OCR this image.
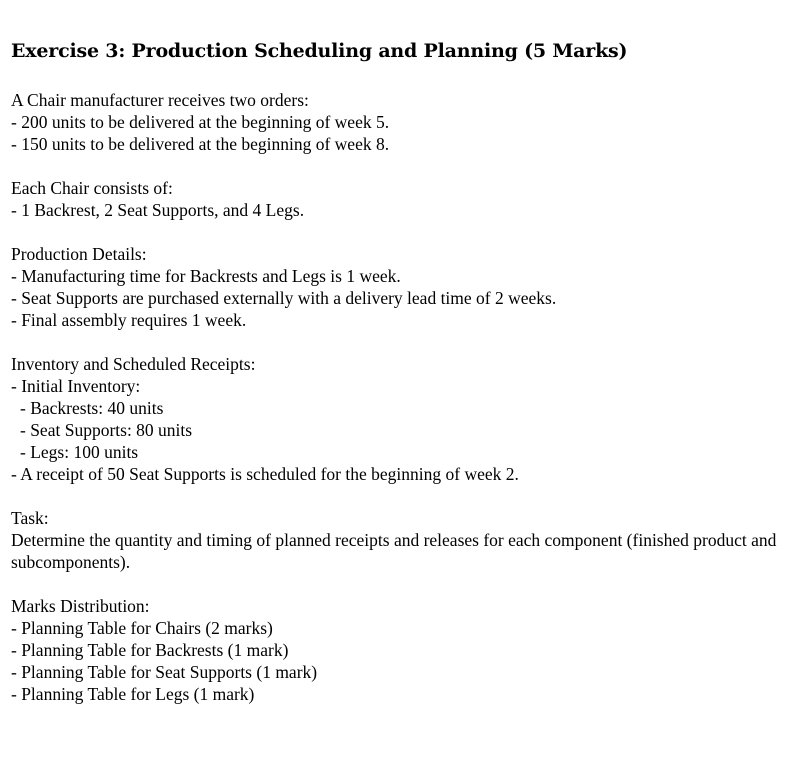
Exercise 3: Production Scheduling and Planning (5 Marks)
A Chair manufacturer receives two orders:
- 200 units to be delivered at the beginning of week 5.
- 150 units to be delivered at the beginning of week 8.
Each Chair consists of:
- 1 Backrest, 2 Seat Supports, and 4 Legs.
Production Details:
- Manufacturing time for Backrests and Legs is 1 week.
- Seat Supports are purchased externally with a delivery lead time of 2 weeks.
- Final assembly requires 1 week.
Inventory and Scheduled Receipts:
- Initial Inventory:
- Backrests: 40 units
- Seat Supports: 80 units
- Legs: 100 units
- A receipt of 50 Seat Supports is scheduled for the beginning of week 2.
Task:
Determine the quantity and timing of planned receipts and releases for each component (finished product and subcomponents).
Marks Distribution:
- Planning Table for Chairs (2 marks)
- Planning Table for Backrests (1 mark)
- Planning Table for Seat Supports (1 mark)
- Planning Table for Legs (1 mark)
